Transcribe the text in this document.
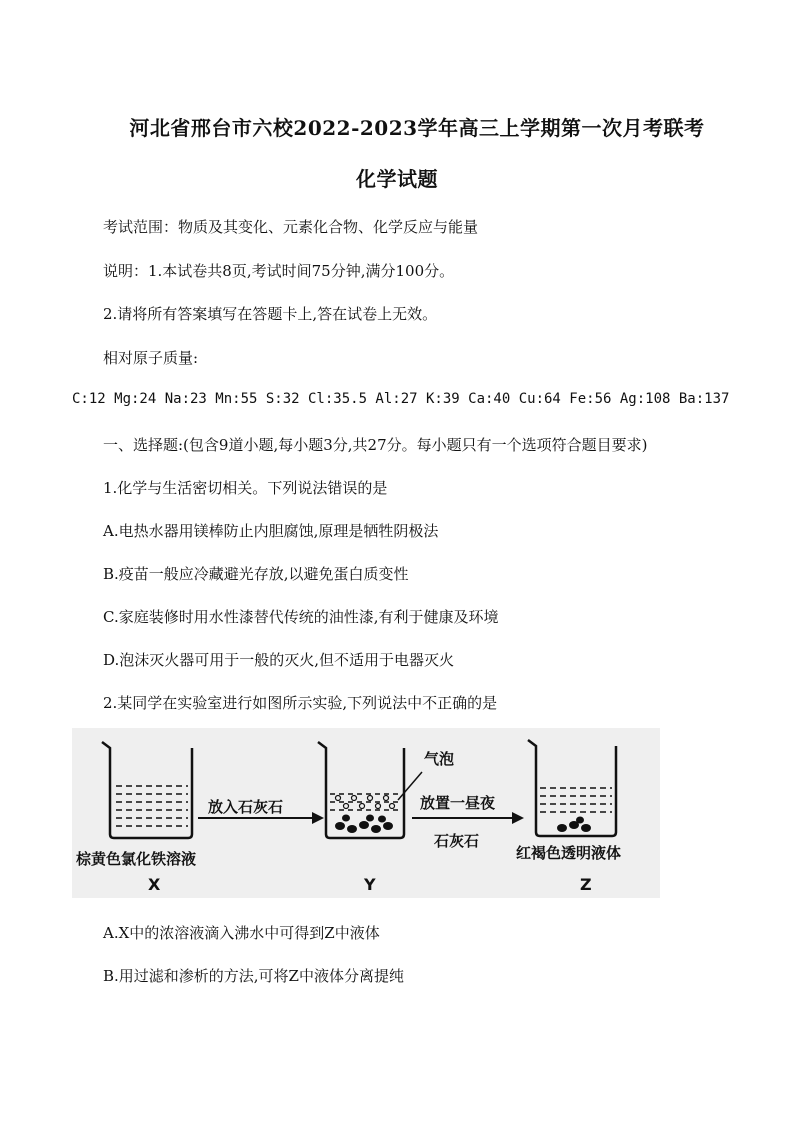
河北省邢台市六校2022-2023学年高三上学期第一次月考联考
化学试题
考试范围：物质及其变化、元素化合物、化学反应与能量
说明：1.本试卷共8页,考试时间75分钟,满分100分。
2.请将所有答案填写在答题卡上,答在试卷上无效。
相对原子质量:
C:12 Mg:24 Na:23 Mn:55 S:32 Cl:35.5 Al:27 K:39 Ca:40 Cu:64 Fe:56 Ag:108 Ba:137
一、选择题:(包含9道小题,每小题3分,共27分。每小题只有一个选项符合题目要求)
1.化学与生活密切相关。下列说法错误的是
A.电热水器用镁棒防止内胆腐蚀,原理是牺牲阴极法
B.疫苗一般应冷藏避光存放,以避免蛋白质变性
C.家庭装修时用水性漆替代传统的油性漆,有利于健康及环境
D.泡沫灭火器可用于一般的灭火,但不适用于电器灭火
2.某同学在实验室进行如图所示实验,下列说法中不正确的是
放入石灰石
气泡
放置一昼夜
石灰石
棕黄色氯化铁溶液	红褐色透明液体
X	Y	Z
A.X中的浓溶液滴入沸水中可得到Z中液体
B.用过滤和渗析的方法,可将Z中液体分离提纯
